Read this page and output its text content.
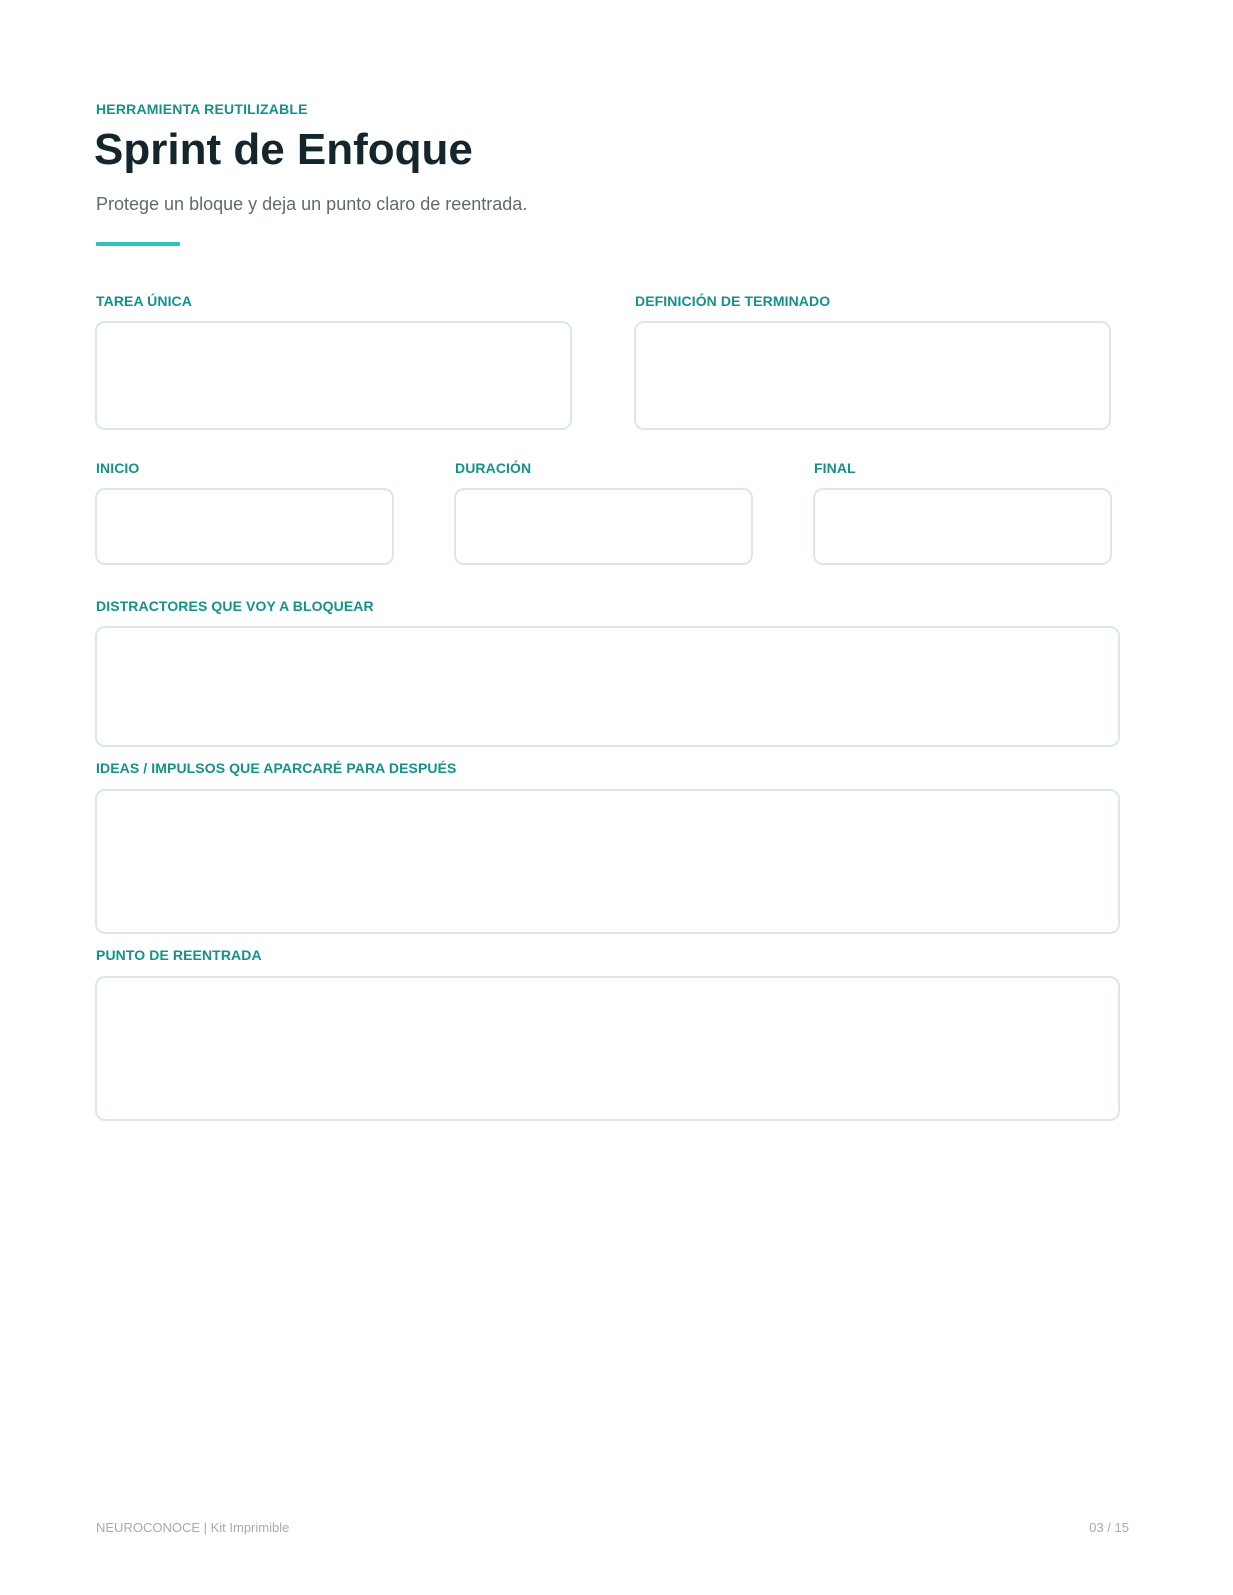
HERRAMIENTA REUTILIZABLE
Sprint de Enfoque
Protege un bloque y deja un punto claro de reentrada.
TAREA ÚNICA	DEFINICIÓN DE TERMINADO
INICIO	DURACIÓN	FINAL
DISTRACTORES QUE VOY A BLOQUEAR
IDEAS / IMPULSOS QUE APARCARÉ PARA DESPUÉS
PUNTO DE REENTRADA
NEUROCONOCE | Kit Imprimible	03 / 15
